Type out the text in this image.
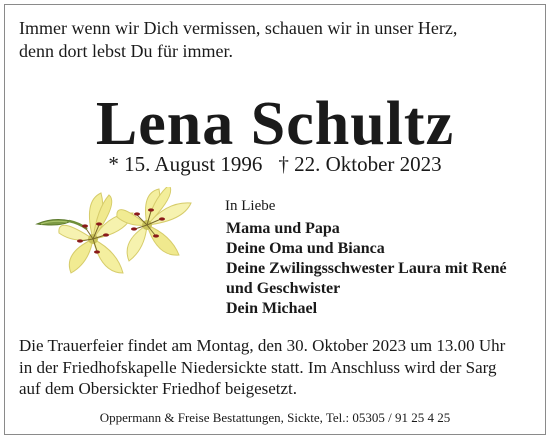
Immer wenn wir Dich vermissen, schauen wir in unser Herz,
denn dort lebst Du für immer.
Lena Schultz
* 15. August 1996 † 22. Oktober 2023
In Liebe
Mama und Papa
Deine Oma und Bianca
Deine Zwilingsschwester Laura mit René
und Geschwister
Dein Michael
Die Trauerfeier findet am Montag, den 30. Oktober 2023 um 13.00 Uhr
in der Friedhofskapelle Niedersickte statt. Im Anschluss wird der Sarg
auf dem Obersickter Friedhof beigesetzt.
Oppermann & Freise Bestattungen, Sickte, Tel.: 05305 / 91 25 4 25
